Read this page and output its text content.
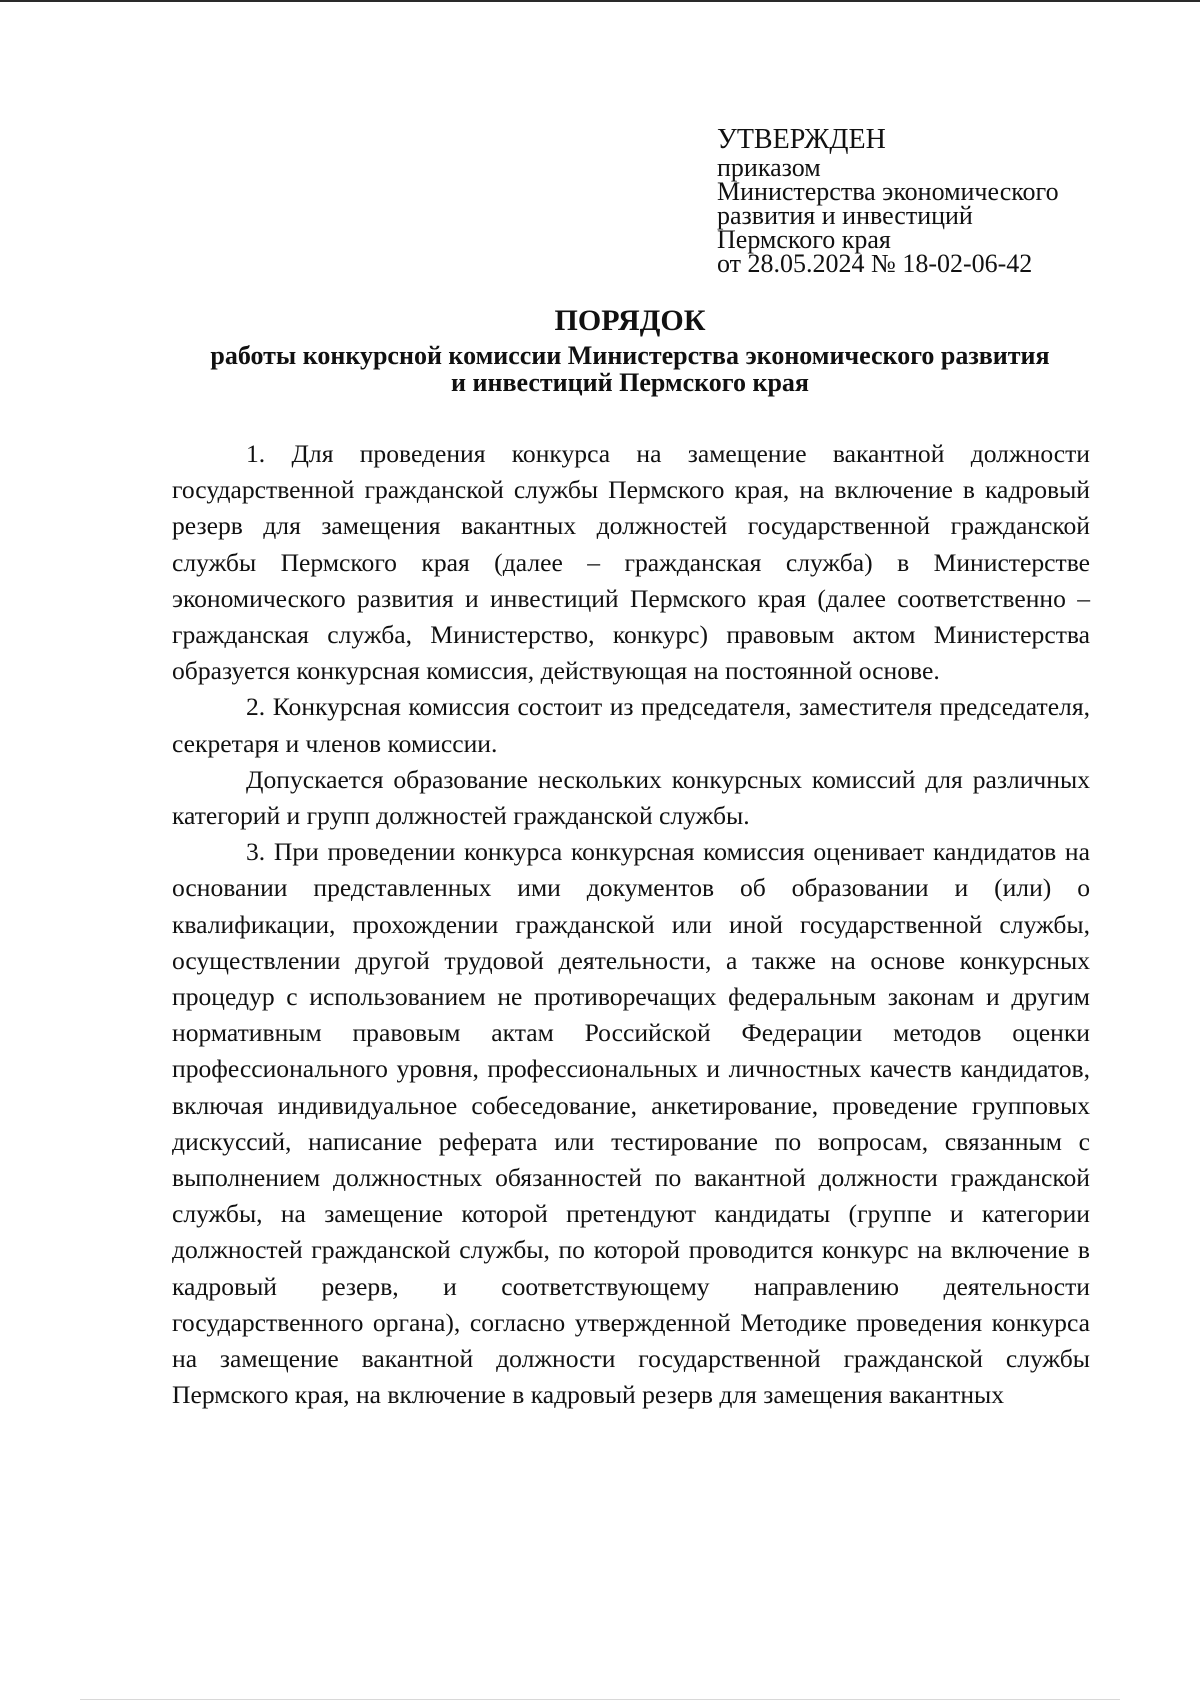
УТВЕРЖДЕН
приказом
Министерства экономического
развития и инвестиций
Пермского края
от 28.05.2024 № 18-02-06-42
ПОРЯДОК
работы конкурсной комиссии Министерства экономического развития
и инвестиций Пермского края

1. Для проведения конкурса на замещение вакантной должности государственной гражданской службы Пермского края, на включение в кадровый резерв для замещения вакантных должностей государственной гражданской службы Пермского края (далее – гражданская служба) в Министерстве экономического развития и инвестиций Пермского края (далее соответственно – гражданская служба, Министерство, конкурс) правовым актом Министерства образуется конкурсная комиссия, действующая на постоянной основе.

2. Конкурсная комиссия состоит из председателя, заместителя председателя, секретаря и членов комиссии.

Допускается образование нескольких конкурсных комиссий для различных категорий и групп должностей гражданской службы.

3. При проведении конкурса конкурсная комиссия оценивает кандидатов на основании представленных ими документов об образовании и (или) о квалификации, прохождении гражданской или иной государственной службы, осуществлении другой трудовой деятельности, а также на основе конкурсных процедур с использованием не противоречащих федеральным законам и другим нормативным правовым актам Российской Федерации методов оценки профессионального уровня, профессиональных и личностных качеств кандидатов, включая индивидуальное собеседование, анкетирование, проведение групповых дискуссий, написание реферата или тестирование по вопросам, связанным с выполнением должностных обязанностей по вакантной должности гражданской службы, на замещение которой претендуют кандидаты (группе и категории должностей гражданской службы, по которой проводится конкурс на включение в кадровый резерв, и соответствующему направлению деятельности государственного органа), согласно утвержденной Методике проведения конкурса на замещение вакантной должности государственной гражданской службы Пермского края, на включение в кадровый резерв для замещения вакантных
